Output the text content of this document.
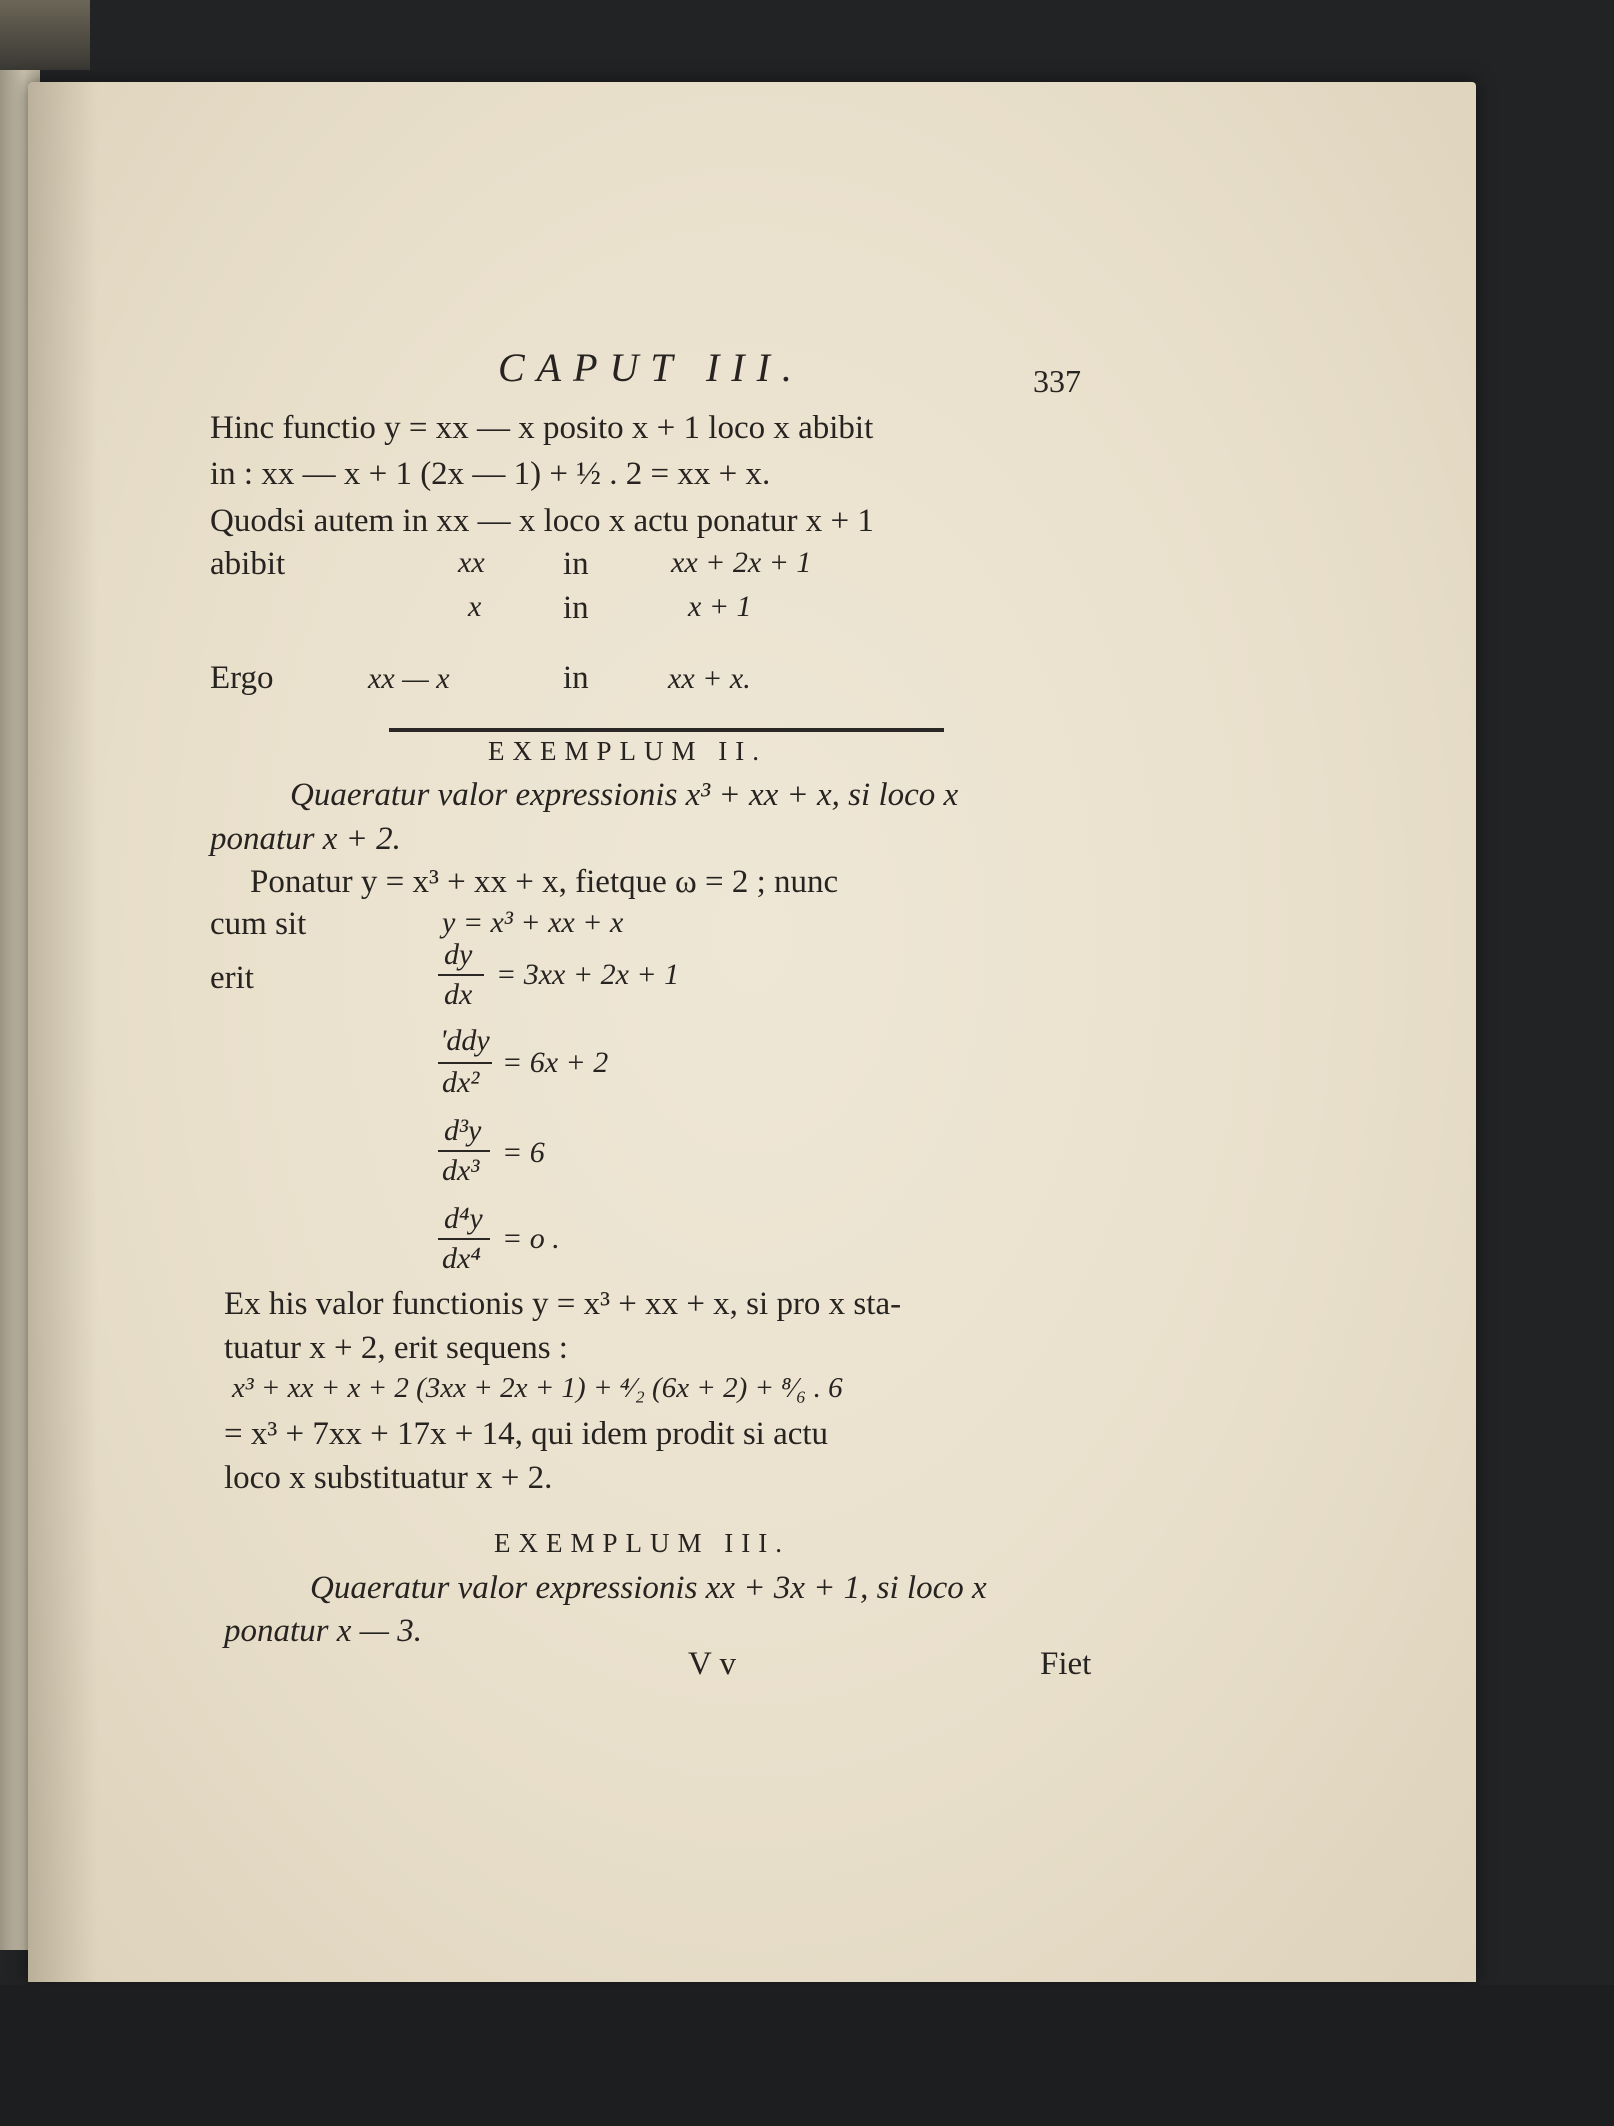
CAPUT III.	337
Hinc functio y = xx — x posito x + 1 loco x abibit
in : xx — x + 1 (2x — 1) + ½ . 2 = xx + x.
Quodsi autem in xx — x loco x actu ponatur x + 1
abibit	xx in	xx + 2x + 1
x in	x + 1
Ergo	xx — x	in	xx + x.
EXEMPLUM II.
Quaeratur valor expressionis x³ + xx + x, si loco x
ponatur x + 2.
Ponatur y = x³ + xx + x, fietque ω = 2 ; nunc
cum sit	y = x³ + xx + x
erit
dy
dx
= 3xx + 2x + 1
'ddy
dx²
= 6x + 2
d³y
dx³
= 6
d⁴y
dx⁴
= o .
Ex his valor functionis y = x³ + xx + x, si pro x sta-
tuatur x + 2, erit sequens :
x³ + xx + x + 2 (3xx + 2x + 1) + ⁴⁄₂ (6x + 2) + ⁸⁄₆ . 6
= x³ + 7xx + 17x + 14, qui idem prodit si actu
loco x substituatur x + 2.
EXEMPLUM III.
Quaeratur valor expressionis xx + 3x + 1, si loco x
ponatur x — 3.
V v	Fiet
